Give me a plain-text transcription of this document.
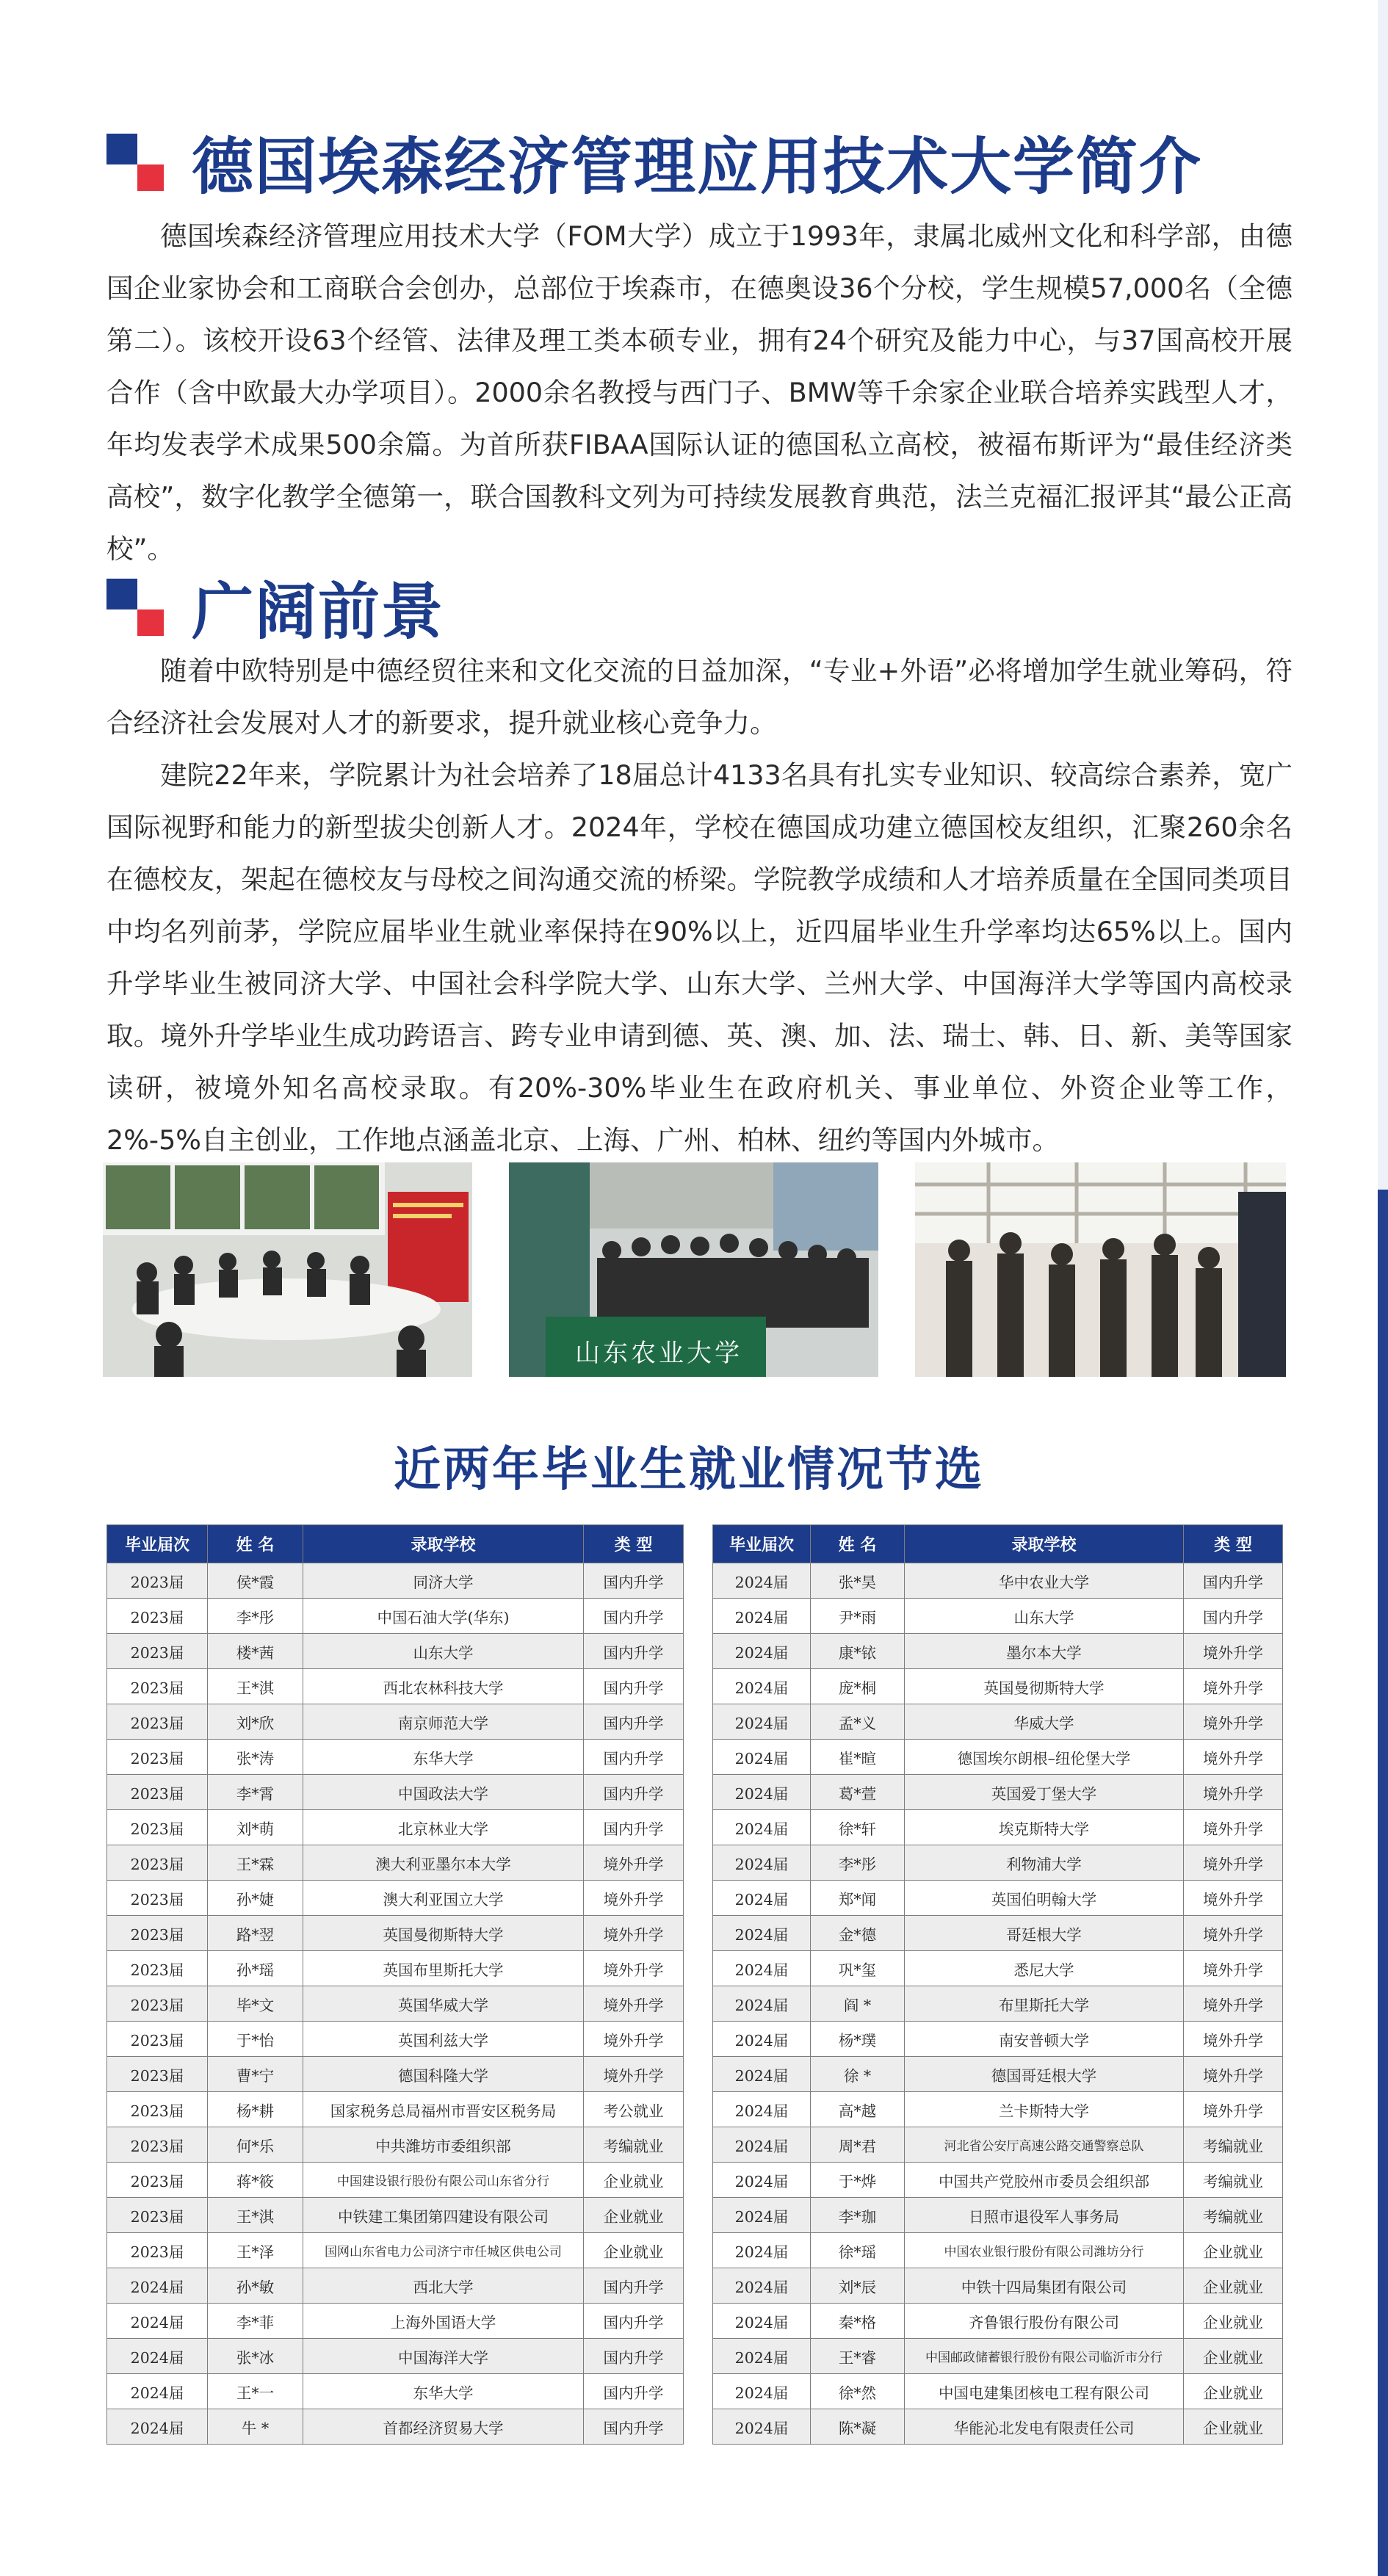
德国埃森经济管理应用技术大学简介

德国埃森经济管理应用技术大学（FOM大学）成立于1993年，隶属北威州文化和科学部，由德国企业家协会和工商联合会创办，总部位于埃森市，在德奥设36个分校，学生规模57,000名（全德第二）。该校开设63个经管、法律及理工类本硕专业，拥有24个研究及能力中心，与37国高校开展合作（含中欧最大办学项目）。2000余名教授与西门子、BMW等千余家企业联合培养实践型人才，年均发表学术成果500余篇。为首所获FIBAA国际认证的德国私立高校，被福布斯评为“最佳经济类高校”，数字化教学全德第一，联合国教科文列为可持续发展教育典范，法兰克福汇报评其“最公正高校”。

广阔前景

随着中欧特别是中德经贸往来和文化交流的日益加深，“专业+外语”必将增加学生就业筹码，符合经济社会发展对人才的新要求，提升就业核心竞争力。

建院22年来，学院累计为社会培养了18届总计4133名具有扎实专业知识、较高综合素养，宽广国际视野和能力的新型拔尖创新人才。2024年，学校在德国成功建立德国校友组织，汇聚260余名在德校友，架起在德校友与母校之间沟通交流的桥梁。学院教学成绩和人才培养质量在全国同类项目中均名列前茅，学院应届毕业生就业率保持在90%以上，近四届毕业生升学率均达65%以上。国内升学毕业生被同济大学、中国社会科学院大学、山东大学、兰州大学、中国海洋大学等国内高校录取。境外升学毕业生成功跨语言、跨专业申请到德、英、澳、加、法、瑞士、韩、日、新、美等国家读研，被境外知名高校录取。有20%-30%毕业生在政府机关、事业单位、外资企业等工作，2%-5%自主创业，工作地点涵盖北京、上海、广州、柏林、纽约等国内外城市。

山东农业大学
近两年毕业生就业情况节选
毕业届次	姓 名	录取学校	类 型
2023届	侯*霞	同济大学	国内升学
2023届	李*彤	中国石油大学(华东)	国内升学
2023届	楼*茜	山东大学	国内升学
2023届	王*淇	西北农林科技大学	国内升学
2023届	刘*欣	南京师范大学	国内升学
2023届	张*涛	东华大学	国内升学
2023届	李*霄	中国政法大学	国内升学
2023届	刘*萌	北京林业大学	国内升学
2023届	王*霖	澳大利亚墨尔本大学	境外升学
2023届	孙*婕	澳大利亚国立大学	境外升学
2023届	路*翌	英国曼彻斯特大学	境外升学
2023届	孙*瑶	英国布里斯托大学	境外升学
2023届	毕*文	英国华威大学	境外升学
2023届	于*怡	英国利兹大学	境外升学
2023届	曹*宁	德国科隆大学	境外升学
2023届	杨*耕	国家税务总局福州市晋安区税务局	考公就业
2023届	何*乐	中共潍坊市委组织部	考编就业
2023届	蒋*筱	中国建设银行股份有限公司山东省分行	企业就业
2023届	王*淇	中铁建工集团第四建设有限公司	企业就业
2023届	王*泽	国网山东省电力公司济宁市任城区供电公司	企业就业
2024届	孙*敏	西北大学	国内升学
2024届	李*菲	上海外国语大学	国内升学
2024届	张*冰	中国海洋大学	国内升学
2024届	王*一	东华大学	国内升学
2024届	牛 *	首都经济贸易大学	国内升学
毕业届次	姓 名	录取学校	类 型
2024届	张*昊	华中农业大学	国内升学
2024届	尹*雨	山东大学	国内升学
2024届	康*铱	墨尔本大学	境外升学
2024届	庞*桐	英国曼彻斯特大学	境外升学
2024届	孟*义	华威大学	境外升学
2024届	崔*暄	德国埃尔朗根–纽伦堡大学	境外升学
2024届	葛*萱	英国爱丁堡大学	境外升学
2024届	徐*轩	埃克斯特大学	境外升学
2024届	李*彤	利物浦大学	境外升学
2024届	郑*闻	英国伯明翰大学	境外升学
2024届	金*德	哥廷根大学	境外升学
2024届	巩*玺	悉尼大学	境外升学
2024届	阎 *	布里斯托大学	境外升学
2024届	杨*璞	南安普顿大学	境外升学
2024届	徐 *	德国哥廷根大学	境外升学
2024届	高*越	兰卡斯特大学	境外升学
2024届	周*君	河北省公安厅高速公路交通警察总队	考编就业
2024届	于*烨	中国共产党胶州市委员会组织部	考编就业
2024届	李*珈	日照市退役军人事务局	考编就业
2024届	徐*瑶	中国农业银行股份有限公司潍坊分行	企业就业
2024届	刘*辰	中铁十四局集团有限公司	企业就业
2024届	秦*格	齐鲁银行股份有限公司	企业就业
2024届	王*睿	中国邮政储蓄银行股份有限公司临沂市分行	企业就业
2024届	徐*然	中国电建集团核电工程有限公司	企业就业
2024届	陈*凝	华能沁北发电有限责任公司	企业就业
